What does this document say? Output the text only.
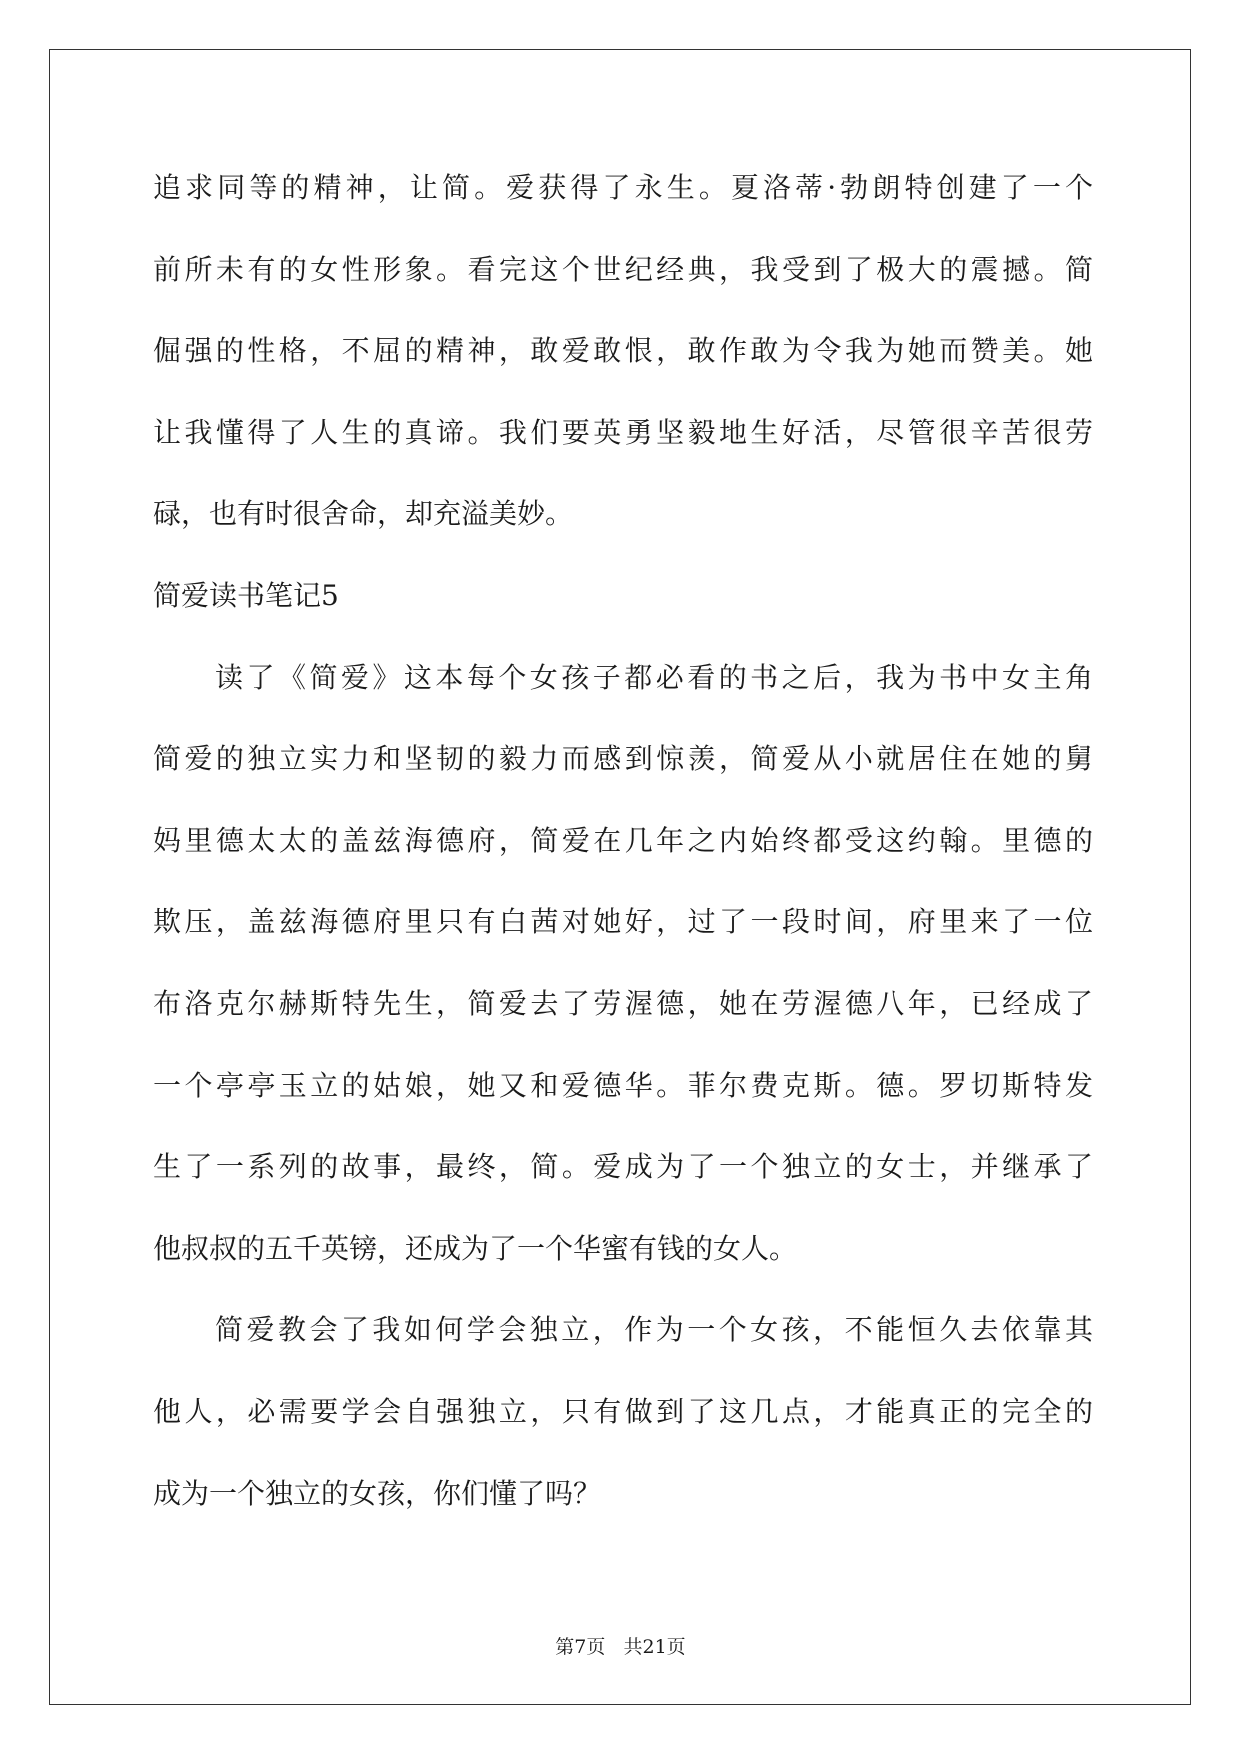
追求同等的精神，让简。爱获得了永生。夏洛蒂·勃朗特创建了一个
前所未有的女性形象。看完这个世纪经典，我受到了极大的震撼。简
倔强的性格，不屈的精神，敢爱敢恨，敢作敢为令我为她而赞美。她
让我懂得了人生的真谛。我们要英勇坚毅地生好活，尽管很辛苦很劳
碌，也有时很舍命，却充溢美妙。
简爱读书笔记5
读了《简爱》这本每个女孩子都必看的书之后，我为书中女主角
简爱的独立实力和坚韧的毅力而感到惊羡，简爱从小就居住在她的舅
妈里德太太的盖兹海德府，简爱在几年之内始终都受这约翰。里德的
欺压，盖兹海德府里只有白茜对她好，过了一段时间，府里来了一位
布洛克尔赫斯特先生，简爱去了劳渥德，她在劳渥德八年，已经成了
一个亭亭玉立的姑娘，她又和爱德华。菲尔费克斯。德。罗切斯特发
生了一系列的故事，最终，简。爱成为了一个独立的女士，并继承了
他叔叔的五千英镑，还成为了一个华蜜有钱的女人。
简爱教会了我如何学会独立，作为一个女孩，不能恒久去依靠其
他人，必需要学会自强独立，只有做到了这几点，才能真正的完全的
成为一个独立的女孩，你们懂了吗？
第7页   共21页
